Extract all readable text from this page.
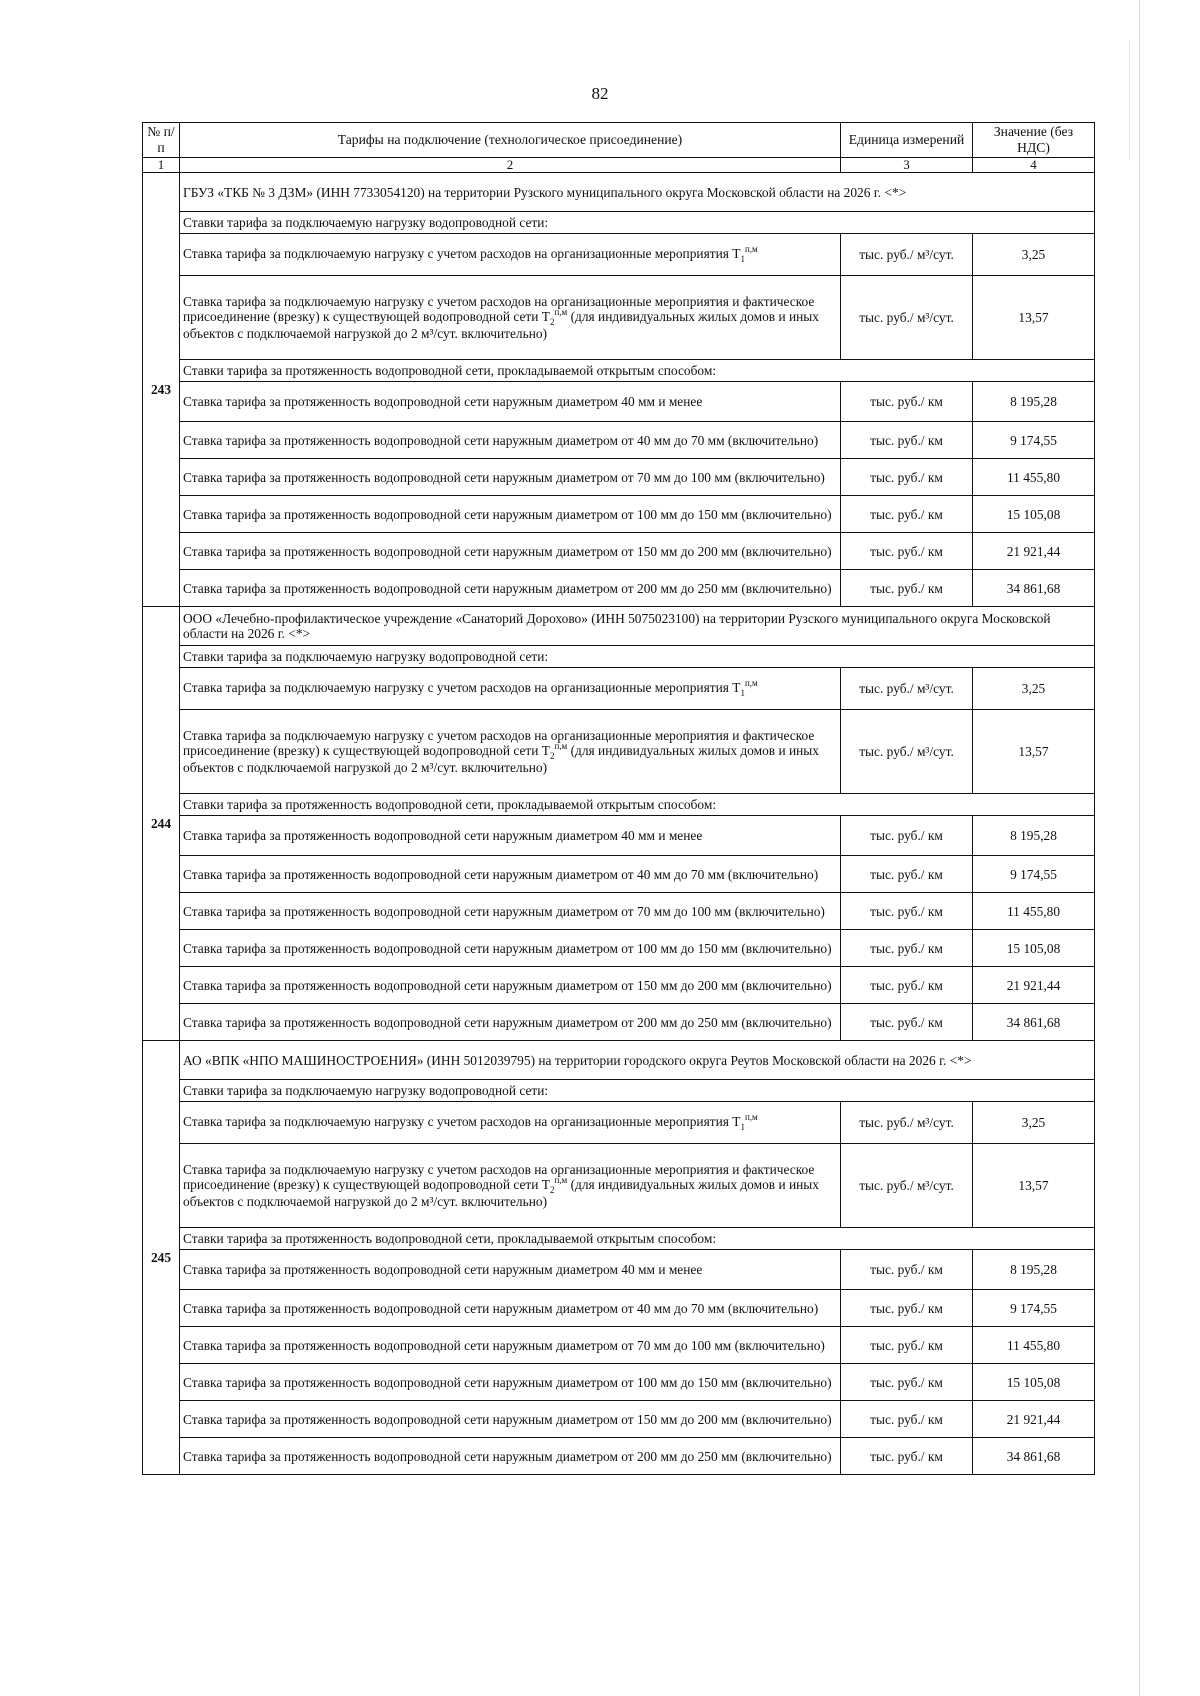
82
№ п/п	Тарифы на подключение (технологическое присоединение)	Единица измерений	Значение (без НДС)
1	2	3	4
243	ГБУЗ «ТКБ № 3 ДЗМ» (ИНН 7733054120) на территории Рузского муниципального округа Московской области на 2026 г. <*>		
	Ставки тарифа за подключаемую нагрузку водопроводной сети:		
	Ставка тарифа за подключаемую нагрузку с учетом расходов на организационные мероприятия $T_1^{п,м}$	тыс. руб./ м³/сут.	3,25
	Ставка тарифа за подключаемую нагрузку с учетом расходов на организационные мероприятия и фактическое присоединение (врезку) к существующей водопроводной сети $T_2^{п,м}$ (для индивидуальных жилых домов и иных объектов с подключаемой нагрузкой до 2 м³/сут. включительно)	тыс. руб./ м³/сут.	13,57
	Ставки тарифа за протяженность водопроводной сети, прокладываемой открытым способом:		
	Ставка тарифа за протяженность водопроводной сети наружным диаметром 40 мм и менее	тыс. руб./ км	8 195,28
	Ставка тарифа за протяженность водопроводной сети наружным диаметром от 40 мм до 70 мм (включительно)	тыс. руб./ км	9 174,55
	Ставка тарифа за протяженность водопроводной сети наружным диаметром от 70 мм до 100 мм (включительно)	тыс. руб./ км	11 455,80
	Ставка тарифа за протяженность водопроводной сети наружным диаметром от 100 мм до 150 мм (включительно)	тыс. руб./ км	15 105,08
	Ставка тарифа за протяженность водопроводной сети наружным диаметром от 150 мм до 200 мм (включительно)	тыс. руб./ км	21 921,44
	Ставка тарифа за протяженность водопроводной сети наружным диаметром от 200 мм до 250 мм (включительно)	тыс. руб./ км	34 861,68
244	ООО «Лечебно-профилактическое учреждение «Санаторий Дорохово» (ИНН 5075023100) на территории Рузского муниципального округа Московской области на 2026 г. <*>		
	Ставки тарифа за подключаемую нагрузку водопроводной сети:		
	Ставка тарифа за подключаемую нагрузку с учетом расходов на организационные мероприятия $T_1^{п,м}$	тыс. руб./ м³/сут.	3,25
	Ставка тарифа за подключаемую нагрузку с учетом расходов на организационные мероприятия и фактическое присоединение (врезку) к существующей водопроводной сети $T_2^{п,м}$ (для индивидуальных жилых домов и иных объектов с подключаемой нагрузкой до 2 м³/сут. включительно)	тыс. руб./ м³/сут.	13,57
	Ставки тарифа за протяженность водопроводной сети, прокладываемой открытым способом:		
	Ставка тарифа за протяженность водопроводной сети наружным диаметром 40 мм и менее	тыс. руб./ км	8 195,28
	Ставка тарифа за протяженность водопроводной сети наружным диаметром от 40 мм до 70 мм (включительно)	тыс. руб./ км	9 174,55
	Ставка тарифа за протяженность водопроводной сети наружным диаметром от 70 мм до 100 мм (включительно)	тыс. руб./ км	11 455,80
	Ставка тарифа за протяженность водопроводной сети наружным диаметром от 100 мм до 150 мм (включительно)	тыс. руб./ км	15 105,08
	Ставка тарифа за протяженность водопроводной сети наружным диаметром от 150 мм до 200 мм (включительно)	тыс. руб./ км	21 921,44
	Ставка тарифа за протяженность водопроводной сети наружным диаметром от 200 мм до 250 мм (включительно)	тыс. руб./ км	34 861,68
245	АО «ВПК «НПО МАШИНОСТРОЕНИЯ» (ИНН 5012039795) на территории городского округа Реутов Московской области на 2026 г. <*>		
	Ставки тарифа за подключаемую нагрузку водопроводной сети:		
	Ставка тарифа за подключаемую нагрузку с учетом расходов на организационные мероприятия $T_1^{п,м}$	тыс. руб./ м³/сут.	3,25
	Ставка тарифа за подключаемую нагрузку с учетом расходов на организационные мероприятия и фактическое присоединение (врезку) к существующей водопроводной сети $T_2^{п,м}$ (для индивидуальных жилых домов и иных объектов с подключаемой нагрузкой до 2 м³/сут. включительно)	тыс. руб./ м³/сут.	13,57
	Ставки тарифа за протяженность водопроводной сети, прокладываемой открытым способом:		
	Ставка тарифа за протяженность водопроводной сети наружным диаметром 40 мм и менее	тыс. руб./ км	8 195,28
	Ставка тарифа за протяженность водопроводной сети наружным диаметром от 40 мм до 70 мм (включительно)	тыс. руб./ км	9 174,55
	Ставка тарифа за протяженность водопроводной сети наружным диаметром от 70 мм до 100 мм (включительно)	тыс. руб./ км	11 455,80
	Ставка тарифа за протяженность водопроводной сети наружным диаметром от 100 мм до 150 мм (включительно)	тыс. руб./ км	15 105,08
	Ставка тарифа за протяженность водопроводной сети наружным диаметром от 150 мм до 200 мм (включительно)	тыс. руб./ км	21 921,44
	Ставка тарифа за протяженность водопроводной сети наружным диаметром от 200 мм до 250 мм (включительно)	тыс. руб./ км	34 861,68
